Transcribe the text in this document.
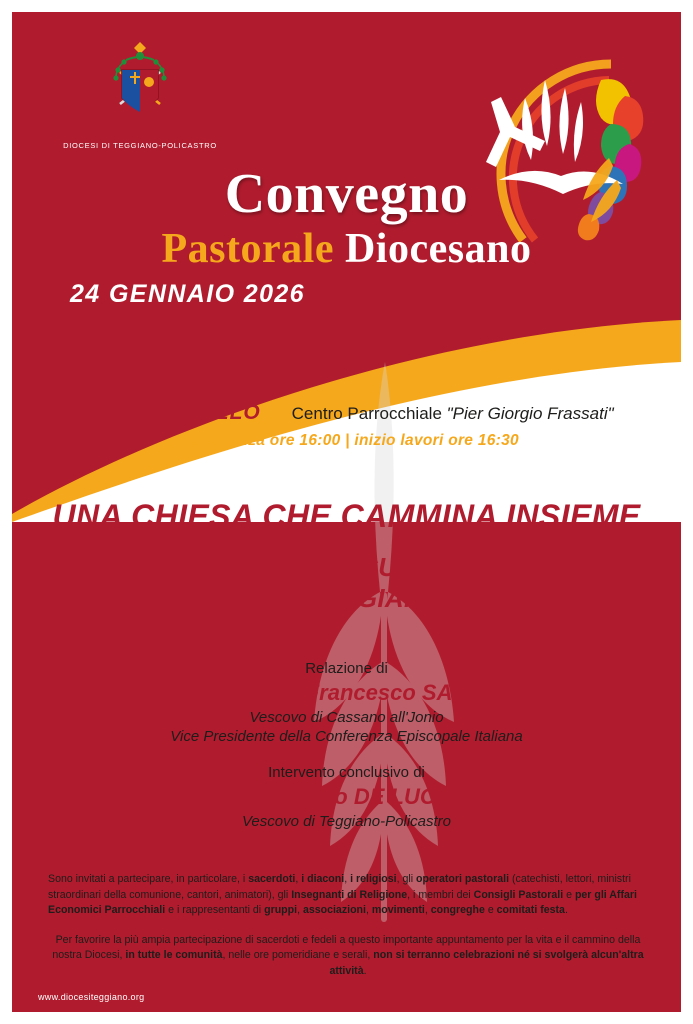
DIOCESI DI TEGGIANO-POLICASTRO
Convegno
Pastorale Diocesano
24 GENNAIO 2026
PRATO PERILLO | Centro Parrocchiale "Pier Giorgio Frassati"
accoglienza ore 16:00 | inizio lavori ore 16:30
UNA CHIESA CHE CAMMINA INSIEME
LA RECEZIONE DEL DOCUMENTO DI SINTESI
NELLA CHIESA DI TEGGIANO-POLICASTRO
Relazione di
S.E. Mons. Francesco SAVINO
Vescovo di Cassano all'Jonio
Vice Presidente della Conferenza Episcopale Italiana
Intervento conclusivo di
P. Antonio DE LUCA
Vescovo di Teggiano-Policastro

Sono invitati a partecipare, in particolare, i sacerdoti, i diaconi, i religiosi, gli operatori pastorali (catechisti, lettori, ministri straordinari della comunione, cantori, animatori), gli Insegnanti di Religione, i membri dei Consigli Pastorali e per gli Affari Economici Parrocchiali e i rappresentanti di gruppi, associazioni, movimenti, congreghe e comitati festa.

Per favorire la più ampia partecipazione di sacerdoti e fedeli a questo importante appuntamento per la vita e il cammino della nostra Diocesi, in tutte le comunità, nelle ore pomeridiane e serali, non si terranno celebrazioni né si svolgerà alcun'altra attività.

www.diocesiteggiano.org
